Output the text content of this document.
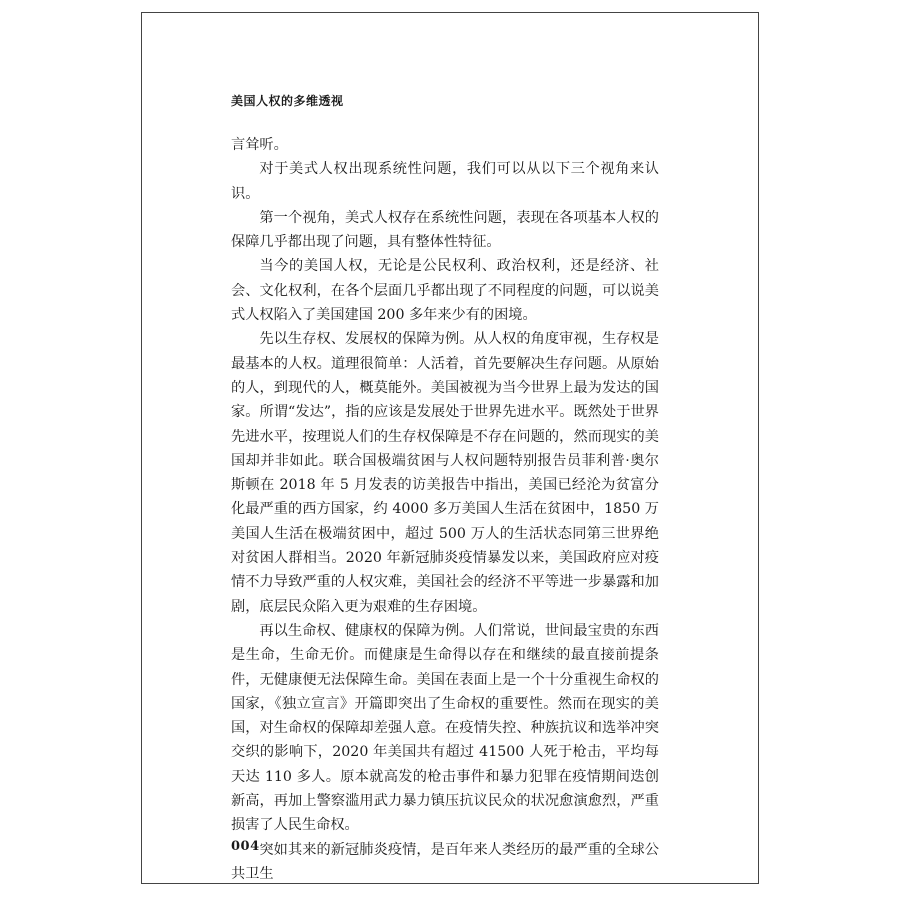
美国人权的多维透视

言耸听。

对于美式人权出现系统性问题，我们可以从以下三个视角来认识。

第一个视角，美式人权存在系统性问题，表现在各项基本人权的保障几乎都出现了问题，具有整体性特征。

当今的美国人权，无论是公民权利、政治权利，还是经济、社会、文化权利，在各个层面几乎都出现了不同程度的问题，可以说美式人权陷入了美国建国 200 多年来少有的困境。

先以生存权、发展权的保障为例。从人权的角度审视，生存权是最基本的人权。道理很简单：人活着，首先要解决生存问题。从原始的人，到现代的人，概莫能外。美国被视为当今世界上最为发达的国家。所谓“发达”，指的应该是发展处于世界先进水平。既然处于世界先进水平，按理说人们的生存权保障是不存在问题的，然而现实的美国却并非如此。联合国极端贫困与人权问题特别报告员菲利普·奥尔斯顿在 2018 年 5 月发表的访美报告中指出，美国已经沦为贫富分化最严重的西方国家，约 4000 多万美国人生活在贫困中，1850 万美国人生活在极端贫困中，超过 500 万人的生活状态同第三世界绝对贫困人群相当。2020 年新冠肺炎疫情暴发以来，美国政府应对疫情不力导致严重的人权灾难，美国社会的经济不平等进一步暴露和加剧，底层民众陷入更为艰难的生存困境。

再以生命权、健康权的保障为例。人们常说，世间最宝贵的东西是生命，生命无价。而健康是生命得以存在和继续的最直接前提条件，无健康便无法保障生命。美国在表面上是一个十分重视生命权的国家，《独立宣言》开篇即突出了生命权的重要性。然而在现实的美国，对生命权的保障却差强人意。在疫情失控、种族抗议和选举冲突交织的影响下，2020 年美国共有超过 41500 人死于枪击，平均每天达 110 多人。原本就高发的枪击事件和暴力犯罪在疫情期间迭创新高，再加上警察滥用武力暴力镇压抗议民众的状况愈演愈烈，严重损害了人民生命权。

突如其来的新冠肺炎疫情，是百年来人类经历的最严重的全球公共卫生

004
